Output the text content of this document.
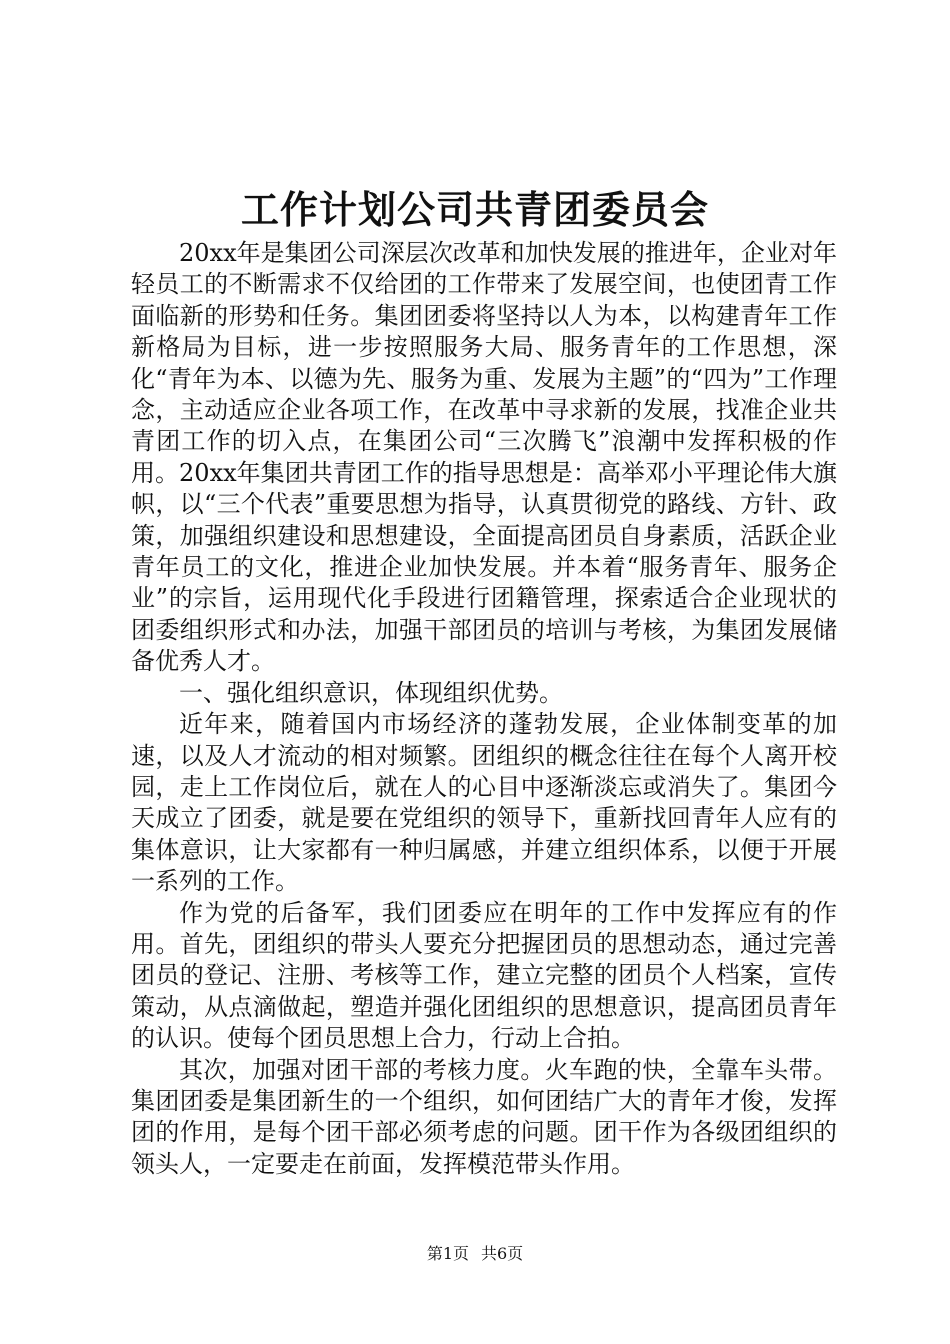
工作计划公司共青团委员会

20xx年是集团公司深层次改革和加快发展的推进年，企业对年轻员工的不断需求不仅给团的工作带来了发展空间，也使团青工作面临新的形势和任务。集团团委将坚持以人为本，以构建青年工作新格局为目标，进一步按照服务大局、服务青年的工作思想，深化“青年为本、以德为先、服务为重、发展为主题”的“四为”工作理念，主动适应企业各项工作，在改革中寻求新的发展，找准企业共青团工作的切入点，在集团公司“三次腾飞”浪潮中发挥积极的作用。20xx年集团共青团工作的指导思想是：高举邓小平理论伟大旗帜，以“三个代表”重要思想为指导，认真贯彻党的路线、方针、政策，加强组织建设和思想建设，全面提高团员自身素质，活跃企业青年员工的文化，推进企业加快发展。并本着“服务青年、服务企业”的宗旨，运用现代化手段进行团籍管理，探索适合企业现状的团委组织形式和办法，加强干部团员的培训与考核，为集团发展储备优秀人才。

一、强化组织意识，体现组织优势。

近年来，随着国内市场经济的蓬勃发展，企业体制变革的加速，以及人才流动的相对频繁。团组织的概念往往在每个人离开校园，走上工作岗位后，就在人的心目中逐渐淡忘或消失了。集团今天成立了团委，就是要在党组织的领导下，重新找回青年人应有的集体意识，让大家都有一种归属感，并建立组织体系，以便于开展一系列的工作。

作为党的后备军，我们团委应在明年的工作中发挥应有的作用。首先，团组织的带头人要充分把握团员的思想动态，通过完善团员的登记、注册、考核等工作，建立完整的团员个人档案，宣传策动，从点滴做起，塑造并强化团组织的思想意识，提高团员青年的认识。使每个团员思想上合力，行动上合拍。

其次，加强对团干部的考核力度。火车跑的快，全靠车头带。集团团委是集团新生的一个组织，如何团结广大的青年才俊，发挥团的作用，是每个团干部必须考虑的问题。团干作为各级团组织的领头人，一定要走在前面，发挥模范带头作用。

第1页 共6页
